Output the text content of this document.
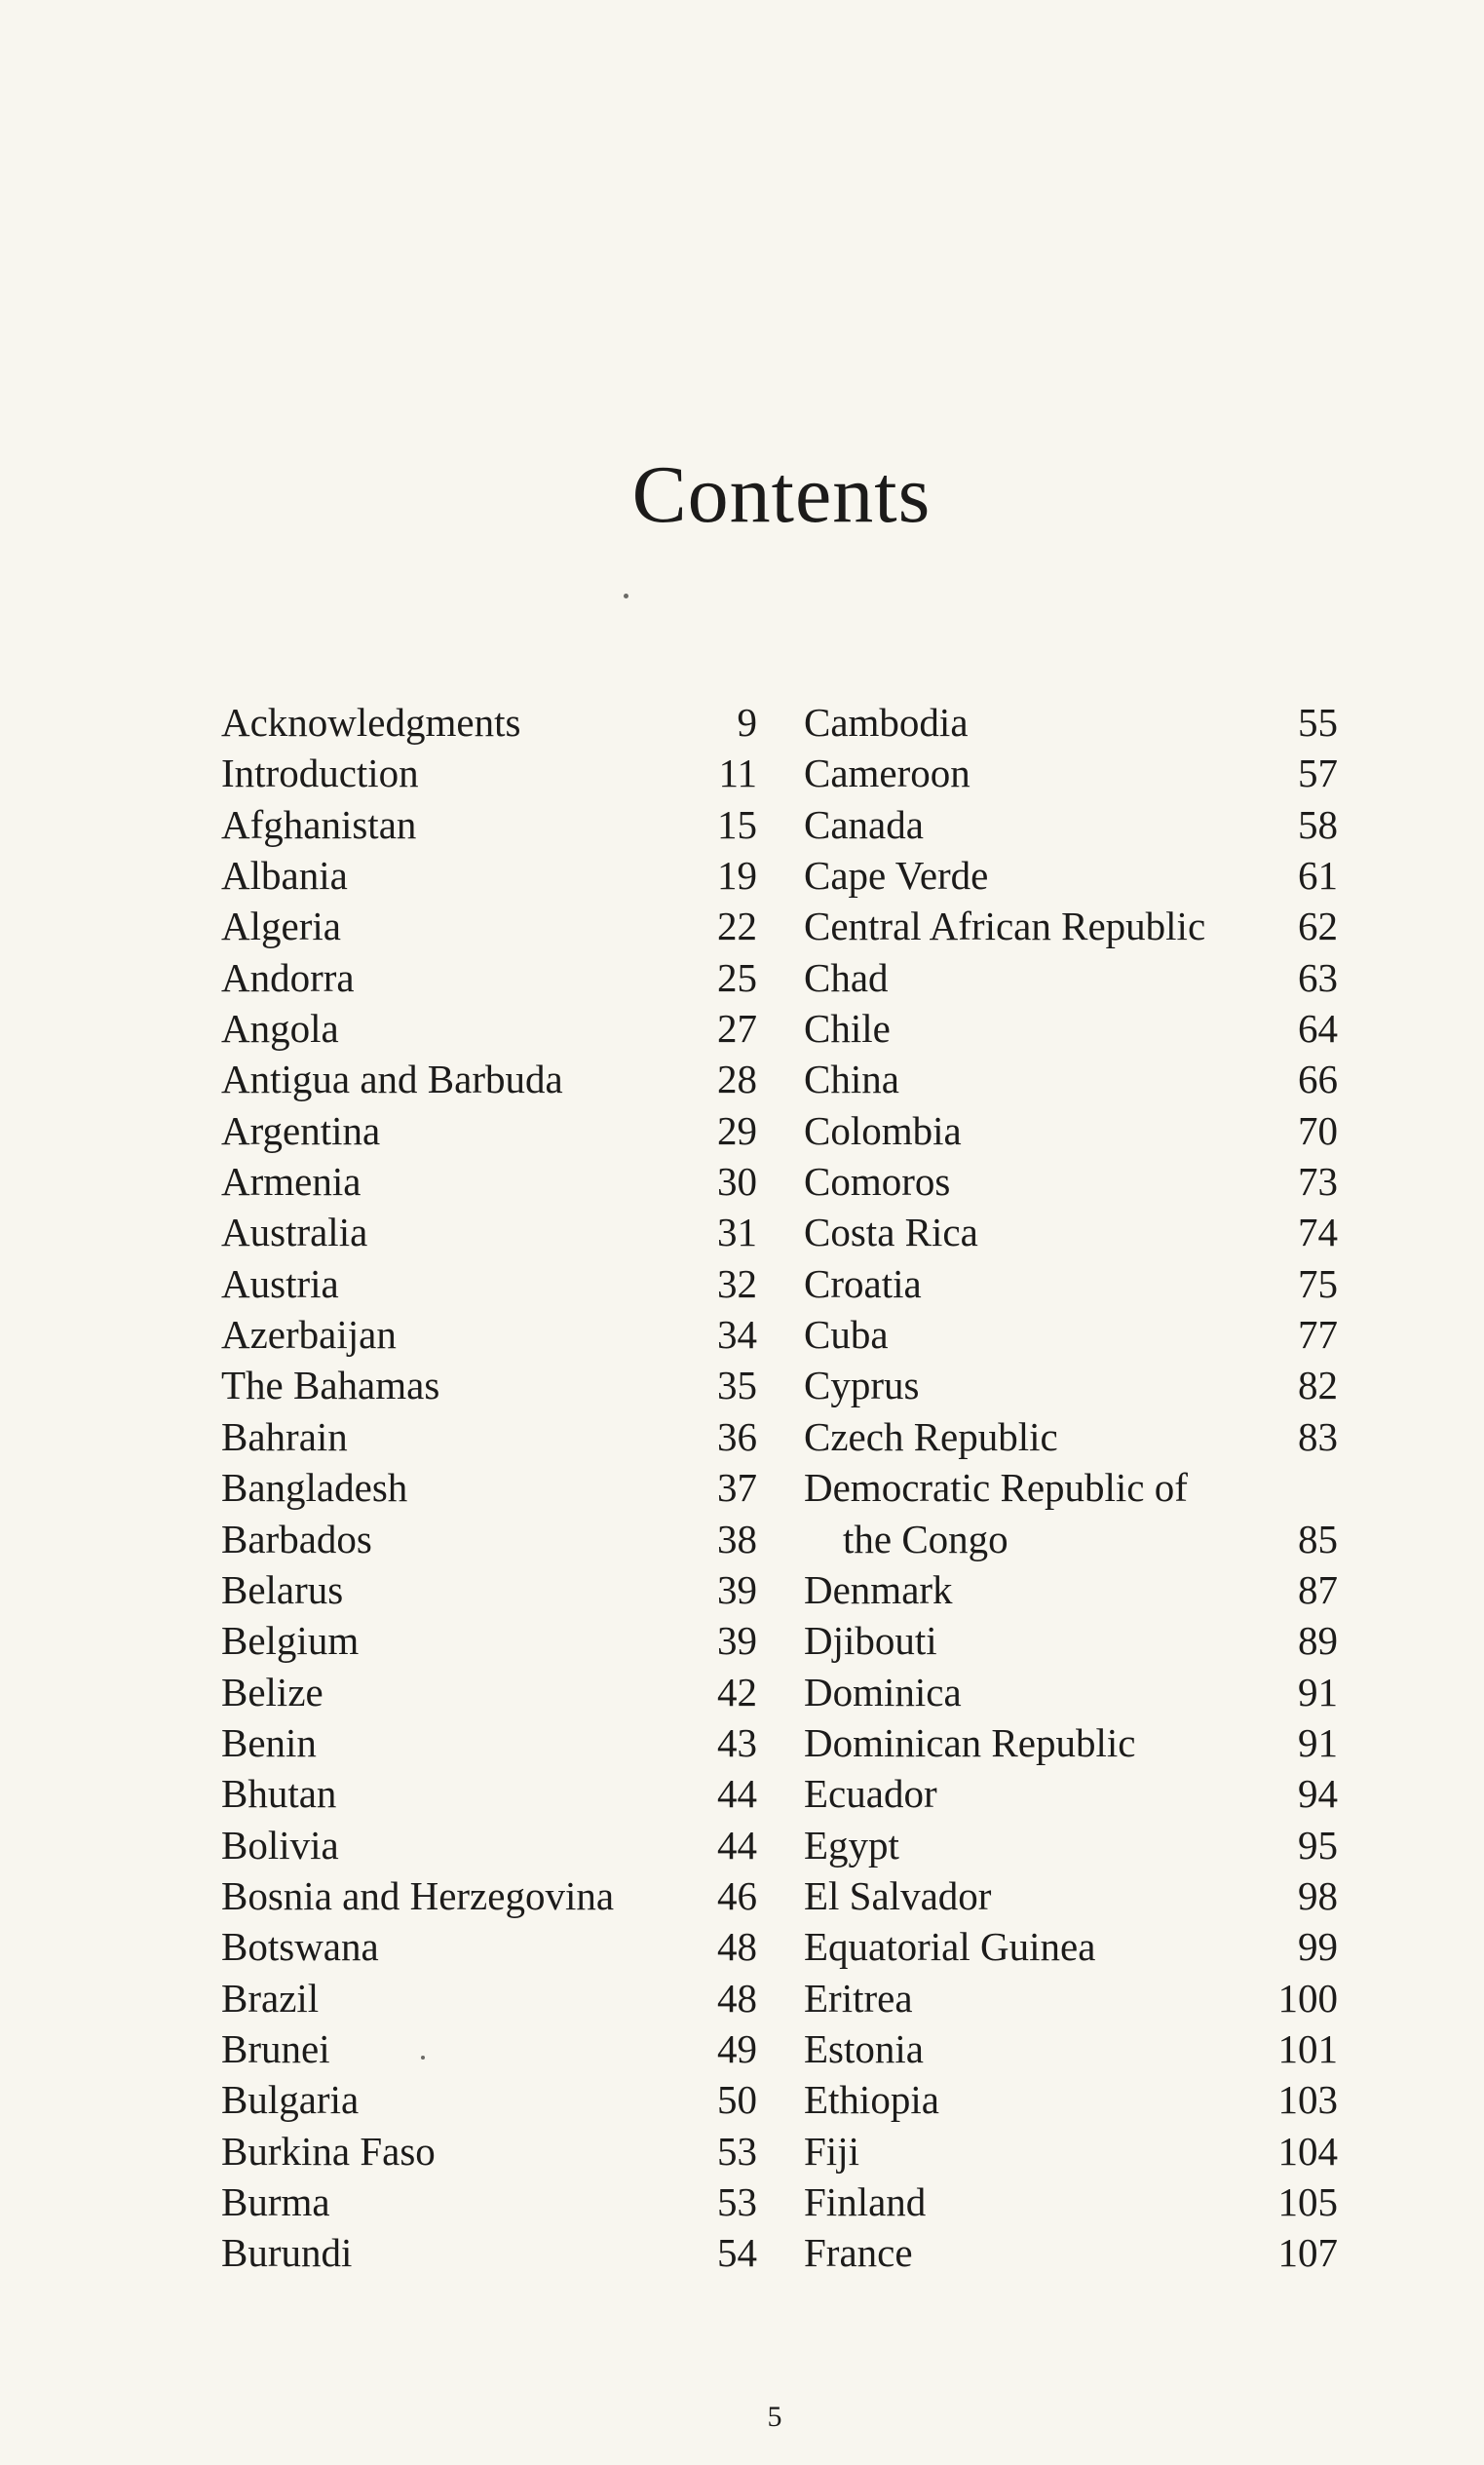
Contents
Acknowledgments	9
Introduction	11
Afghanistan	15
Albania	19
Algeria	22
Andorra	25
Angola	27
Antigua and Barbuda	28
Argentina	29
Armenia	30
Australia	31
Austria	32
Azerbaijan	34
The Bahamas	35
Bahrain	36
Bangladesh	37
Barbados	38
Belarus	39
Belgium	39
Belize	42
Benin	43
Bhutan	44
Bolivia	44
Bosnia and Herzegovina	46
Botswana	48
Brazil	48
Brunei	49
Bulgaria	50
Burkina Faso	53
Burma	53
Burundi	54
Cambodia	55
Cameroon	57
Canada	58
Cape Verde	61
Central African Republic 62
Chad	63
Chile	64
China	66
Colombia	70
Comoros	73
Costa Rica	74
Croatia	75
Cuba	77
Cyprus	82
Czech Republic	83
Democratic Republic of
the Congo	85
Denmark	87
Djibouti	89
Dominica	91
Dominican Republic	91
Ecuador	94
Egypt	95
El Salvador	98
Equatorial Guinea	99
Eritrea	100
Estonia	101
Ethiopia	103
Fiji	104
Finland	105
France	107
5
